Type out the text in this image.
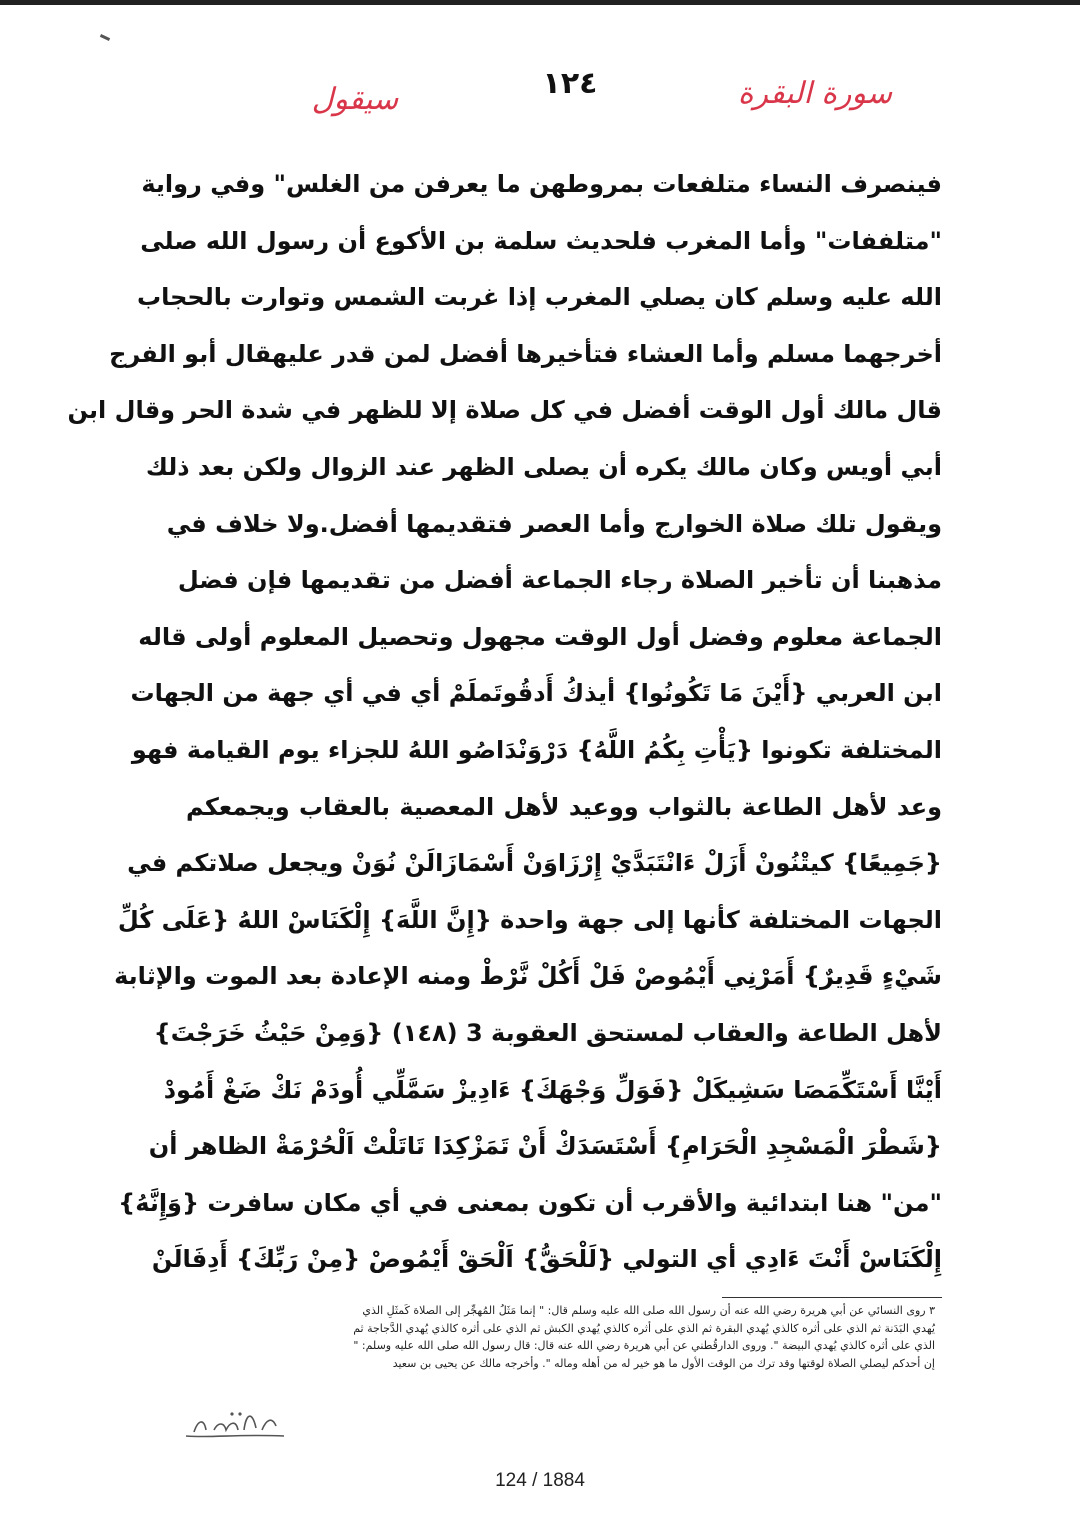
سيقول	١٢٤	سورة البقرة
فينصرف النساء متلفعات بمروطهن ما يعرفن من الغلس" وفي رواية
"متلففات" وأما المغرب فلحديث سلمة بن الأكوع أن رسول الله صلى
الله عليه وسلم كان يصلي المغرب إذا غربت الشمس وتوارت بالحجاب
أخرجهما مسلم وأما العشاء فتأخيرها أفضل لمن قدر عليهقال أبو الفرج
قال مالك أول الوقت أفضل في كل صلاة إلا للظهر في شدة الحر وقال ابن
أبي أويس وكان مالك يكره أن يصلى الظهر عند الزوال ولكن بعد ذلك
ويقول تلك صلاة الخوارج وأما العصر فتقديمها أفضل.ولا خلاف في
مذهبنا أن تأخير الصلاة رجاء الجماعة أفضل من تقديمها فإن فضل
الجماعة معلوم وفضل أول الوقت مجهول وتحصيل المعلوم أولى قاله
ابن العربي {أَيْنَ مَا تَكُونُوا} أيذكُ أَدقُوتَملَمْ أي في أي جهة من الجهات
المختلفة تكونوا {يَأْتِ بِكُمُ اللَّهُ} دَرْوَنْدَاصُو اللهُ للجزاء يوم القيامة فهو
وعد لأهل الطاعة بالثواب ووعيد لأهل المعصية بالعقاب ويجمعكم
{جَمِيعًا} كيتْنُونْ أَزَلْ ءَانْتَبَدَّيْ إِرْزَاوَنْ أَسْمَازَالَنْ نُوَنْ ويجعل صلاتكم في
الجهات المختلفة كأنها إلى جهة واحدة {إِنَّ اللَّهَ} إِلْكَنَاسْ اللهُ {عَلَى كُلِّ
شَيْءٍ قَدِيرٌ} أَمَرْنِي أَيْمُوصْ فَلْ أَكُلْ نَّرْطْ ومنه الإعادة بعد الموت والإثابة
لأهل الطاعة والعقاب لمستحق العقوبة 3 (١٤٨) {وَمِنْ حَيْثُ خَرَجْتَ}
أَيْنَّا أَسْتَكِّمَصَا سَشِيكَلْ {فَوَلِّ وَجْهَكَ} ءَادِيزْ سَمَّلِّي أُودَمْ نَكْ ضَغْ أَمُودْ
{شَطْرَ الْمَسْجِدِ الْحَرَامِ} أَسْتَسَدَكْ أَنْ تَمَزْكِدَا تَاتَلْتْ اَلْحُرْمَةْ الظاهر أن
"من" هنا ابتدائية والأقرب أن تكون بمعنى في أي مكان سافرت {وَإِنَّهُ}
إِلْكَنَاسْ أَنْتَ ءَادِي أي التولي {لَلْحَقُّ} اَلْحَقْ أَيْمُوصْ {مِنْ رَبِّكَ} أَدِفَالَنْ
٣ روى النسائي عن أبي هريرة رضي الله عنه أن رسول الله صلى الله عليه وسلم قال: " إنما مَثَلُ المُهجِّر إلى الصلاة كَمثَلِ الذي
يُهدي البَدَنة ثم الذي على أثره كالذي يُهدي البقرة ثم الذي على أثره كالذي يُهدي الكبش ثم الذي على أثره كالذي يُهدي الدَّجاجة ثم
الذي على أثره كالذي يُهدي البيضة ". وروى الدارقُطني عن أبي هريرة رضي الله عنه قال: قال رسول الله صلى الله عليه وسلم: "
إن أحدكم ليصلي الصلاة لوقتها وقد ترك من الوقت الأول ما هو خير له من أهله وماله ". وأخرجه مالك عن يحيى بن سعيد
124 / 1884
